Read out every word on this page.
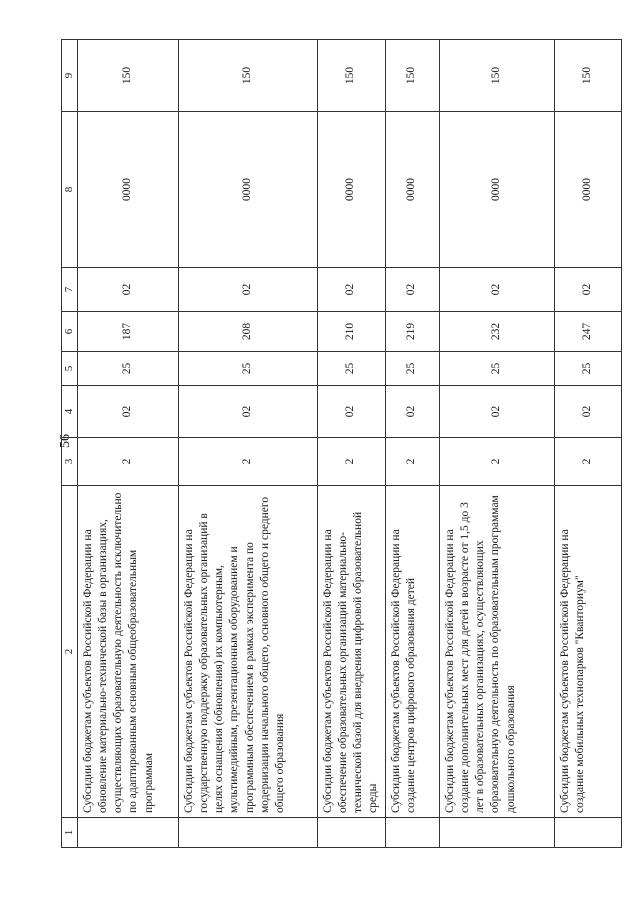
56
1	2	3	4	5	6	7	8	9
	Субсидии бюджетам субъектов Российской Федерации на обновление материально-технической базы в организациях, осуществляющих образовательную деятельность исключительно по адаптированным основным общеобразовательным программам	2	02	25	187	02	0000	150
	Субсидии бюджетам субъектов Российской Федерации на государственную поддержку образовательных организаций в целях оснащения (обновления) их компьютерным, мультимедийным, презентационным оборудованием и программным обеспечением в рамках эксперимента по модернизации начального общего, основного общего и среднего общего образования	2	02	25	208	02	0000	150
	Субсидии бюджетам субъектов Российской Федерации на обеспечение образовательных организаций материально-технической базой для внедрения цифровой образовательной среды	2	02	25	210	02	0000	150
	Субсидии бюджетам субъектов Российской Федерации на создание центров цифрового образования детей	2	02	25	219	02	0000	150
	Субсидии бюджетам субъектов Российской Федерации на создание дополнительных мест для детей в возрасте от 1,5 до 3 лет в образовательных организациях, осуществляющих образовательную деятельность по образовательным программам дошкольного образования	2	02	25	232	02	0000	150
	Субсидии бюджетам субъектов Российской Федерации на создание мобильных технопарков "Кванториум"	2	02	25	247	02	0000	150
